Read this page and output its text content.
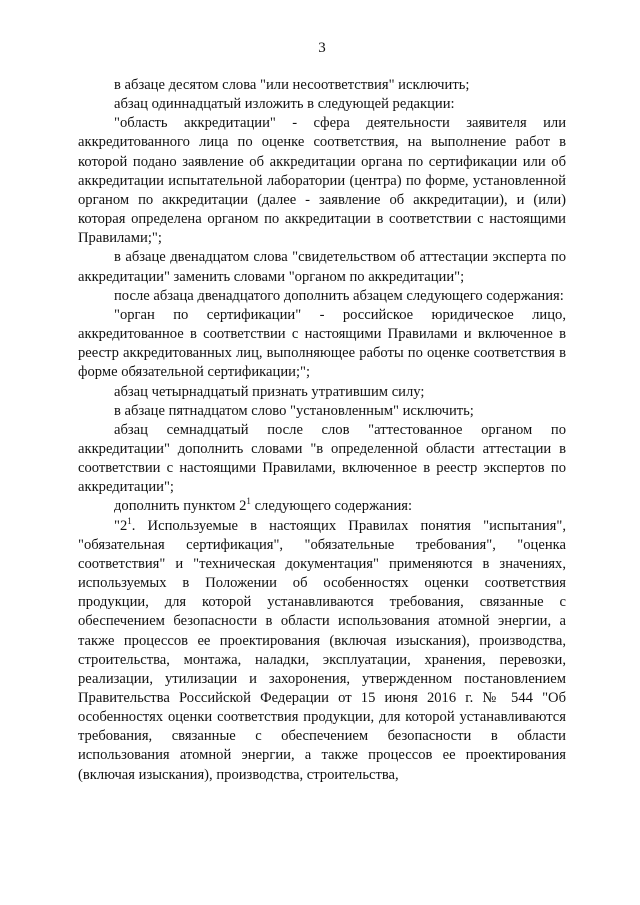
3

в абзаце десятом слова "или несоответствия" исключить;

абзац одиннадцатый изложить в следующей редакции:

"область аккредитации" - сфера деятельности заявителя или аккредитованного лица по оценке соответствия, на выполнение работ в которой подано заявление об аккредитации органа по сертификации или об аккредитации испытательной лаборатории (центра) по форме, установленной органом по аккредитации (далее - заявление об аккредитации), и (или) которая определена органом по аккредитации в соответствии с настоящими Правилами;";

в абзаце двенадцатом слова "свидетельством об аттестации эксперта по аккредитации" заменить словами "органом по аккредитации";

после абзаца двенадцатого дополнить абзацем следующего содержания:

"орган по сертификации" - российское юридическое лицо, аккредитованное в соответствии с настоящими Правилами и включенное в реестр аккредитованных лиц, выполняющее работы по оценке соответствия в форме обязательной сертификации;";

абзац четырнадцатый признать утратившим силу;

в абзаце пятнадцатом слово "установленным" исключить;

абзац семнадцатый после слов "аттестованное органом по аккредитации" дополнить словами "в определенной области аттестации в соответствии с настоящими Правилами, включенное в реестр экспертов по аккредитации";

дополнить пунктом $2^1$ следующего содержания:

"$2^1$. Используемые в настоящих Правилах понятия "испытания", "обязательная сертификация", "обязательные требования", "оценка соответствия" и "техническая документация" применяются в значениях, используемых в Положении об особенностях оценки соответствия продукции, для которой устанавливаются требования, связанные с обеспечением безопасности в области использования атомной энергии, а также процессов ее проектирования (включая изыскания), производства, строительства, монтажа, наладки, эксплуатации, хранения, перевозки, реализации, утилизации и захоронения, утвержденном постановлением Правительства Российской Федерации от 15 июня 2016 г. № 544 "Об особенностях оценки соответствия продукции, для которой устанавливаются требования, связанные с обеспечением безопасности в области использования атомной энергии, а также процессов ее проектирования (включая изыскания), производства, строительства,
